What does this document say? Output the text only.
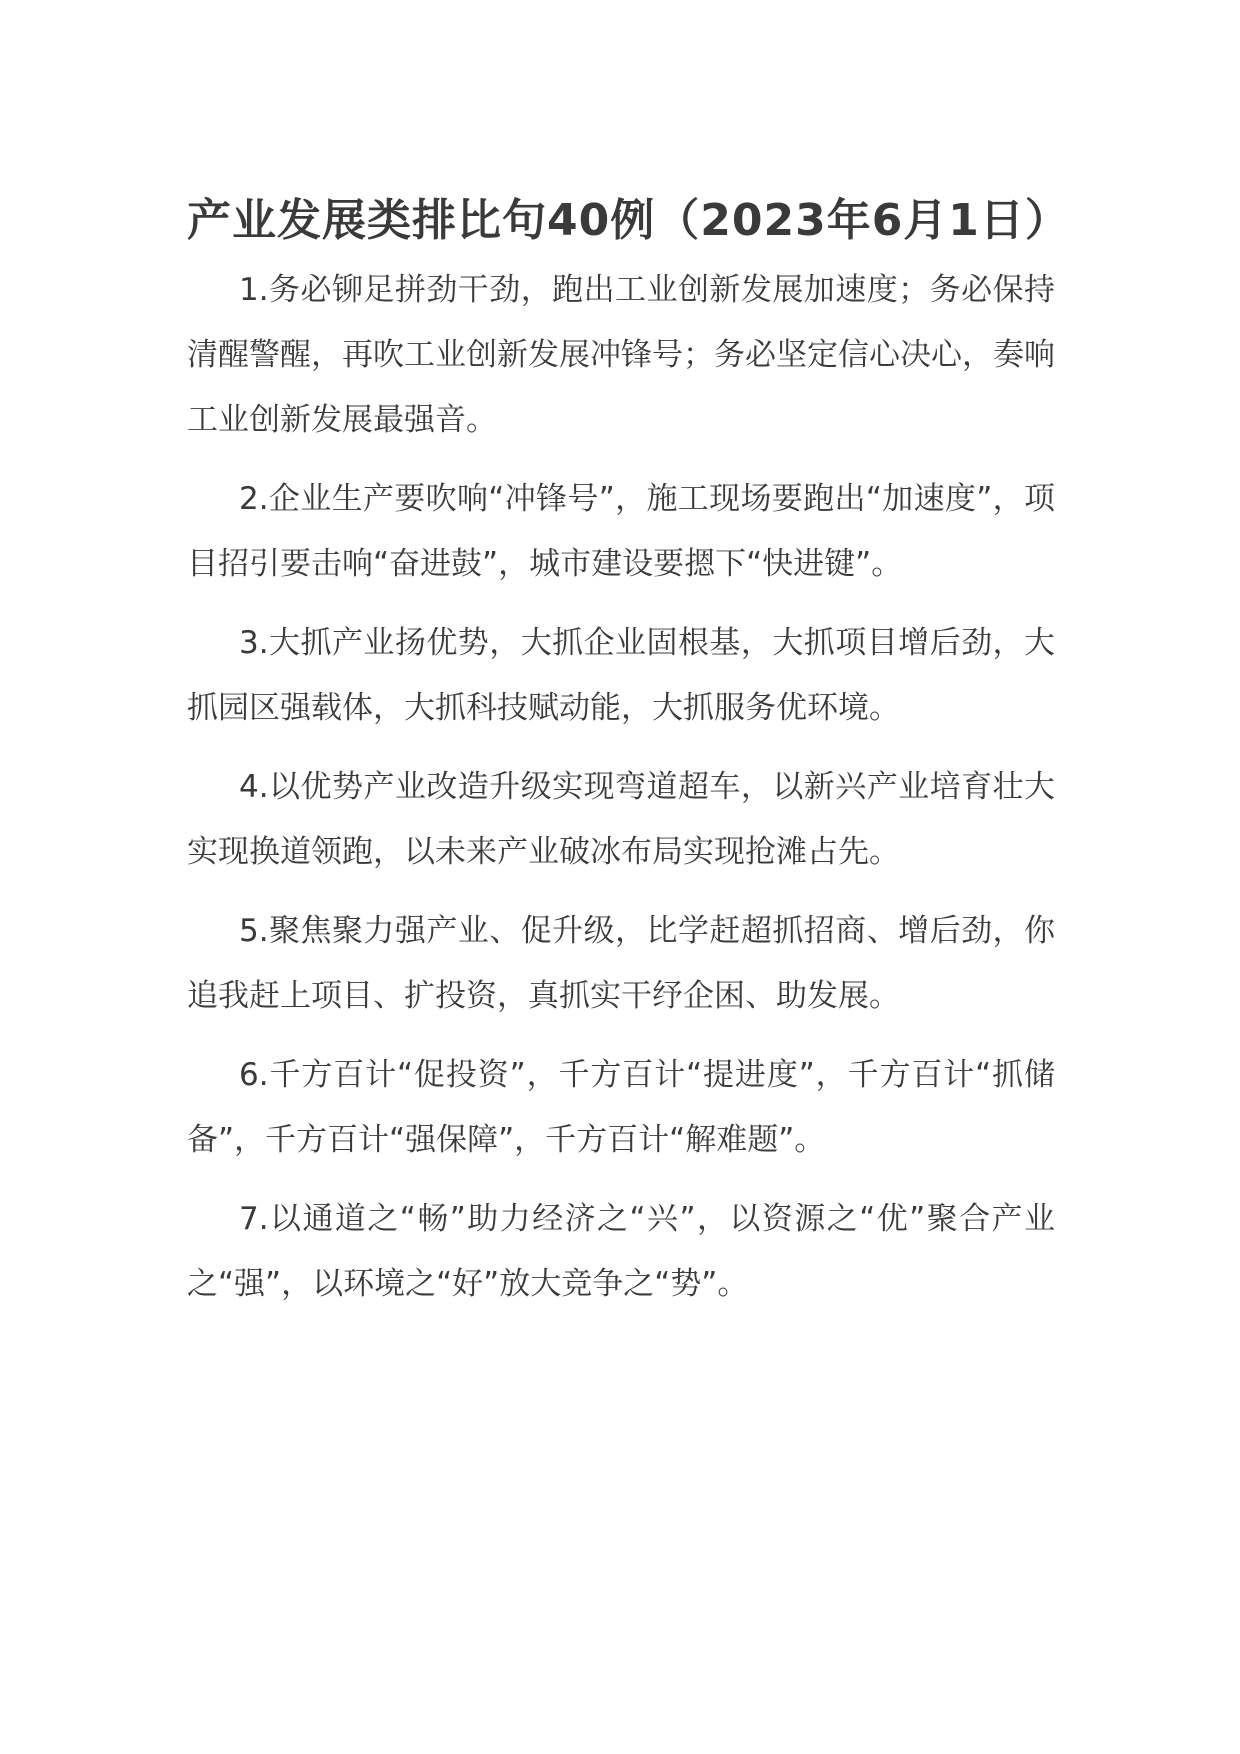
产业发展类排比句40例（2023年6月1日）

1.务必铆足拼劲干劲，跑出工业创新发展加速度；务必保持清醒警醒，再吹工业创新发展冲锋号；务必坚定信心决心，奏响工业创新发展最强音。

2.企业生产要吹响“冲锋号”，施工现场要跑出“加速度”，项目招引要击响“奋进鼓”，城市建设要摁下“快进键”。

3.大抓产业扬优势，大抓企业固根基，大抓项目增后劲，大抓园区强载体，大抓科技赋动能，大抓服务优环境。

4.以优势产业改造升级实现弯道超车，以新兴产业培育壮大实现换道领跑，以未来产业破冰布局实现抢滩占先。

5.聚焦聚力强产业、促升级，比学赶超抓招商、增后劲，你追我赶上项目、扩投资，真抓实干纾企困、助发展。

6.千方百计“促投资”，千方百计“提进度”，千方百计“抓储备”，千方百计“强保障”，千方百计“解难题”。

7.以通道之“畅”助力经济之“兴”，以资源之“优”聚合产业之“强”，以环境之“好”放大竞争之“势”。
